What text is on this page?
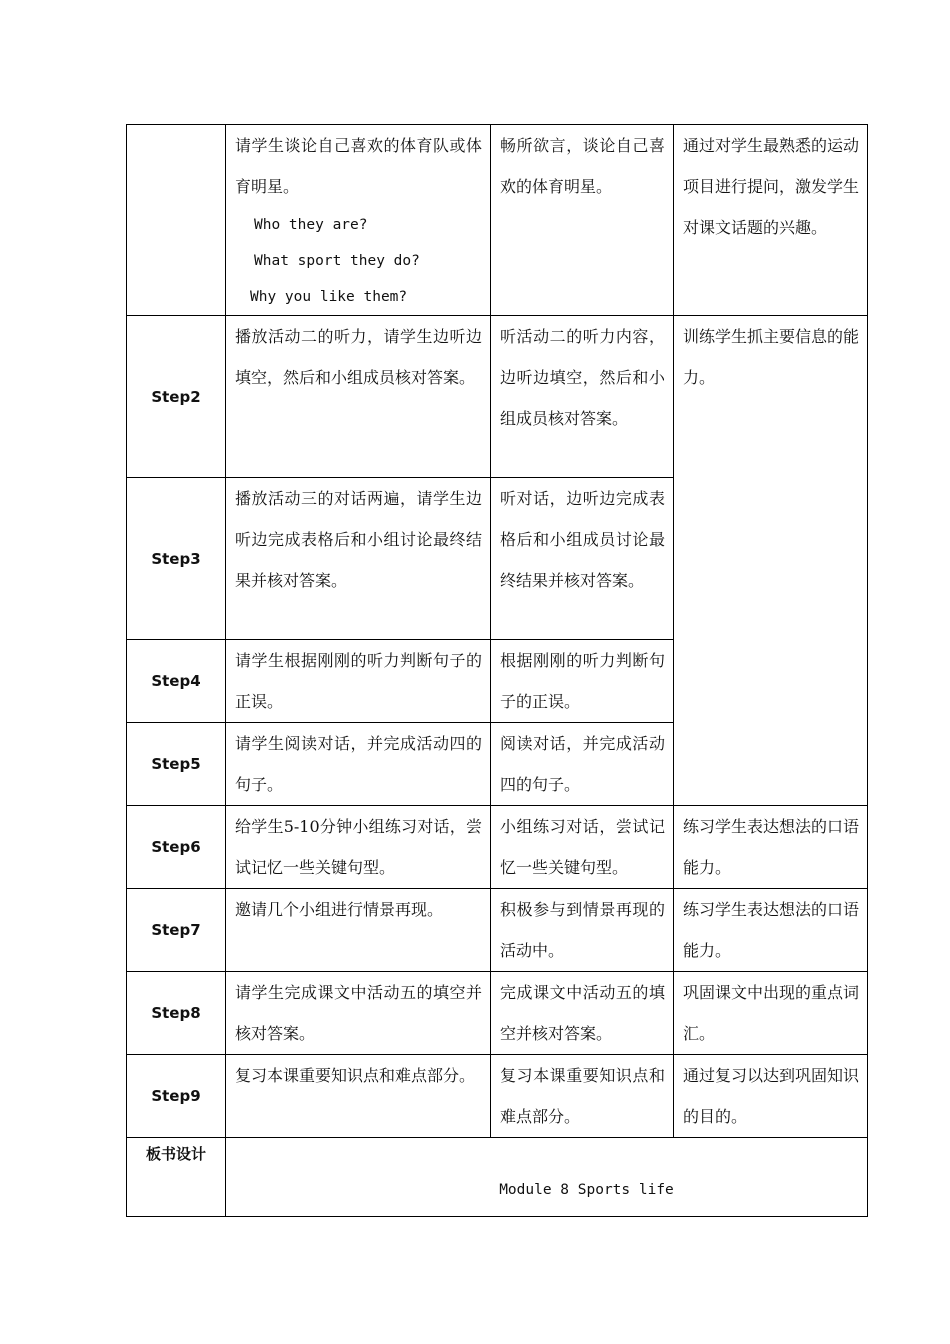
	请学生谈论自己喜欢的体育队或体育明星。
Who they are?
What sport they do?
Why you like them?	畅所欲言，谈论自己喜欢的体育明星。	通过对学生最熟悉的运动项目进行提问，激发学生对课文话题的兴趣。

Step2	播放活动二的听力，请学生边听边填空，然后和小组成员核对答案。	听活动二的听力内容，边听边填空，然后和小组成员核对答案。	训练学生抓主要信息的能力。

Step3	播放活动三的对话两遍，请学生边听边完成表格后和小组讨论最终结果并核对答案。	听对话，边听边完成表格后和小组成员讨论最终结果并核对答案。	

Step4	请学生根据刚刚的听力判断句子的正误。	根据刚刚的听力判断句子的正误。	

Step5	请学生阅读对话，并完成活动四的句子。	阅读对话，并完成活动四的句子。	

Step6	给学生5-10分钟小组练习对话，尝试记忆一些关键句型。	小组练习对话，尝试记忆一些关键句型。	练习学生表达想法的口语能力。

Step7	邀请几个小组进行情景再现。	积极参与到情景再现的活动中。	练习学生表达想法的口语能力。

Step8	请学生完成课文中活动五的填空并核对答案。	完成课文中活动五的填空并核对答案。	巩固课文中出现的重点词汇。

Step9	复习本课重要知识点和难点部分。	复习本课重要知识点和难点部分。	通过复习以达到巩固知识的目的。

板书设计	Module 8 Sports life		
